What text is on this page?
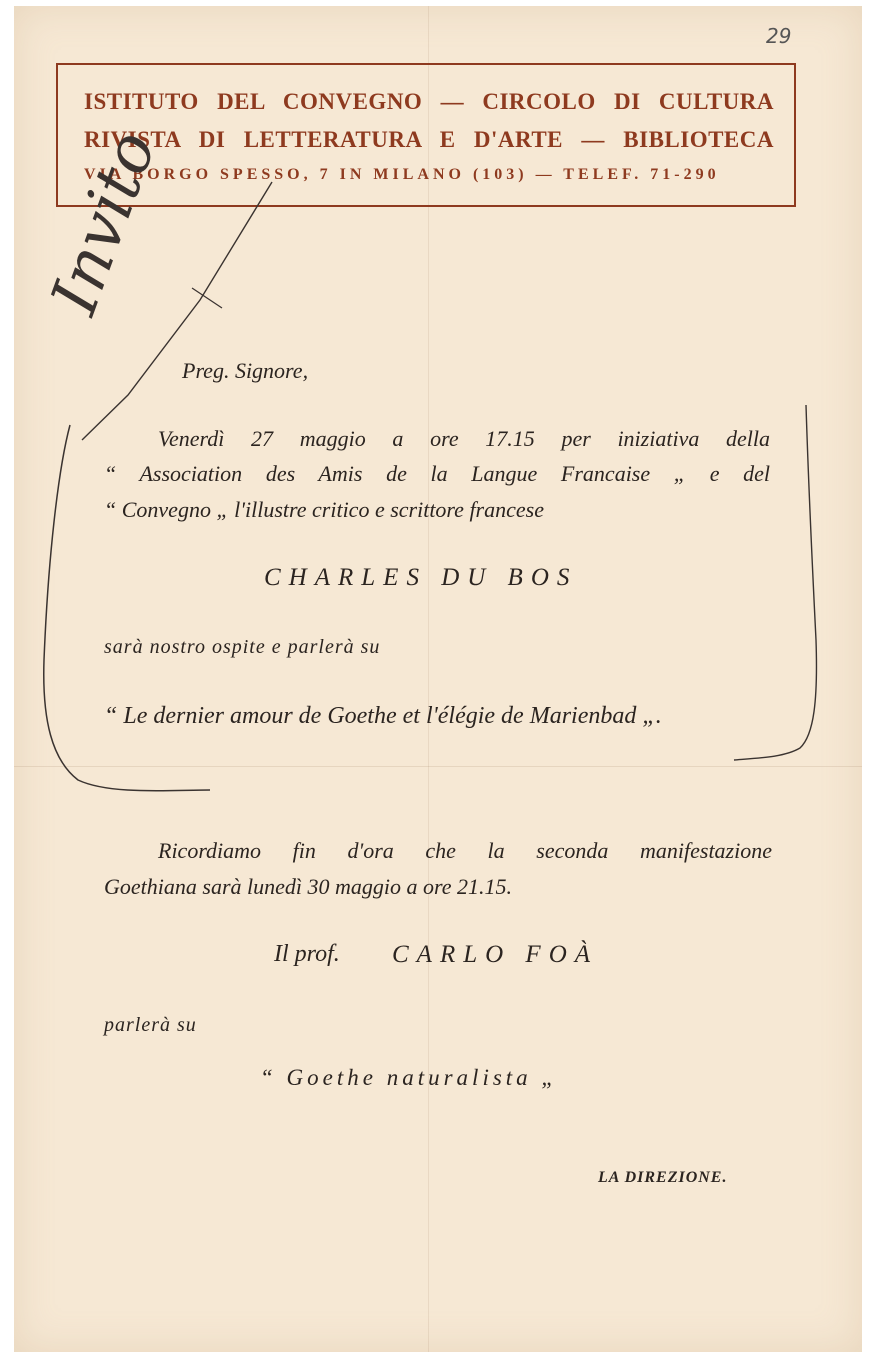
29
ISTITUTO DEL CONVEGNO — CIRCOLO DI CULTURA
RIVISTA DI LETTERATURA E D'ARTE — BIBLIOTECA
VIA BORGO SPESSO, 7 IN MILANO (103) — TELEF. 71-290
Preg. Signore,
Venerdì 27 maggio a ore 17.15 per iniziativa della
“ Association des Amis de la Langue Francaise „ e del
“ Convegno „ l'illustre critico e scrittore francese
CHARLES DU BOS
sarà nostro ospite e parlerà su
“ Le dernier amour de Goethe et l'élégie de Marienbad „.
Ricordiamo fin d'ora che la seconda manifestazione
Goethiana sarà lunedì 30 maggio a ore 21.15.
Il prof. CARLO FOÀ
parlerà su
“ Goethe naturalista „
LA DIREZIONE.
Invito
